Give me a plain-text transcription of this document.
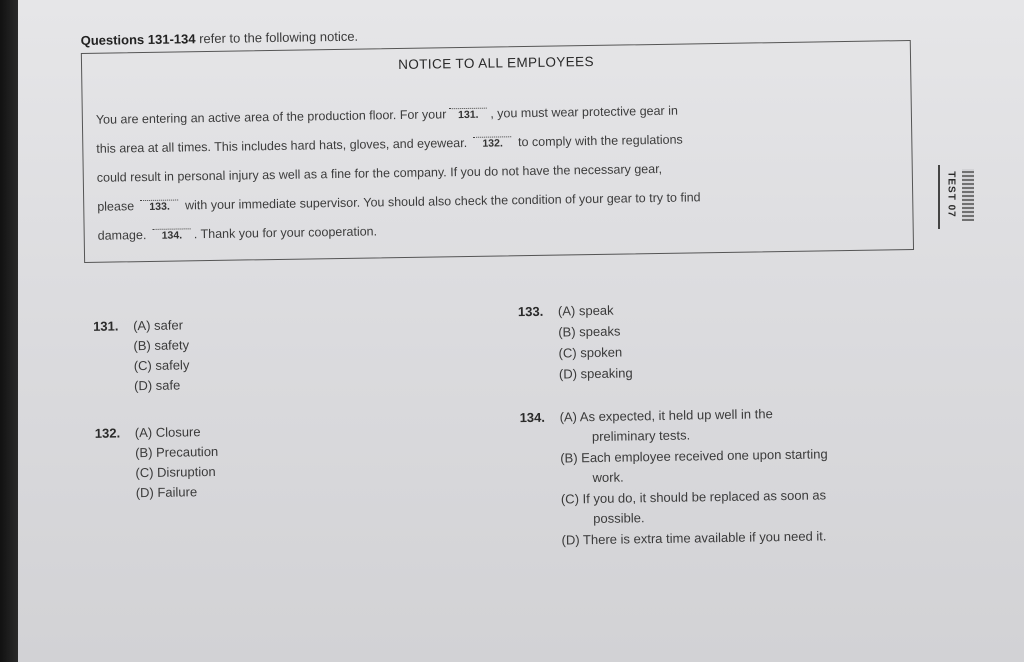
Questions 131-134 refer to the following notice.
NOTICE TO ALL EMPLOYEES
You are entering an active area of the production floor. For your	131. , you must wear protective gear in
this area at all times. This includes hard hats, gloves, and eyewear.	132.	to comply with the regulations
could result in personal injury as well as a fine for the company. If you do not have the necessary gear,
please	133.	with your immediate supervisor. You should also check the condition of your gear to try to find
damage.	134. . Thank you for your cooperation.
131. (A) safer
(B) safety
(C) safely
(D) safe
132. (A) Closure
(B) Precaution
(C) Disruption
(D) Failure
133. (A) speak
(B) speaks
(C) spoken
(D) speaking
134. (A) As expected, it held up well in the
preliminary tests.
(B) Each employee received one upon starting
work.
(C) If you do, it should be replaced as soon as
possible.
(D) There is extra time available if you need it.
TEST 07
